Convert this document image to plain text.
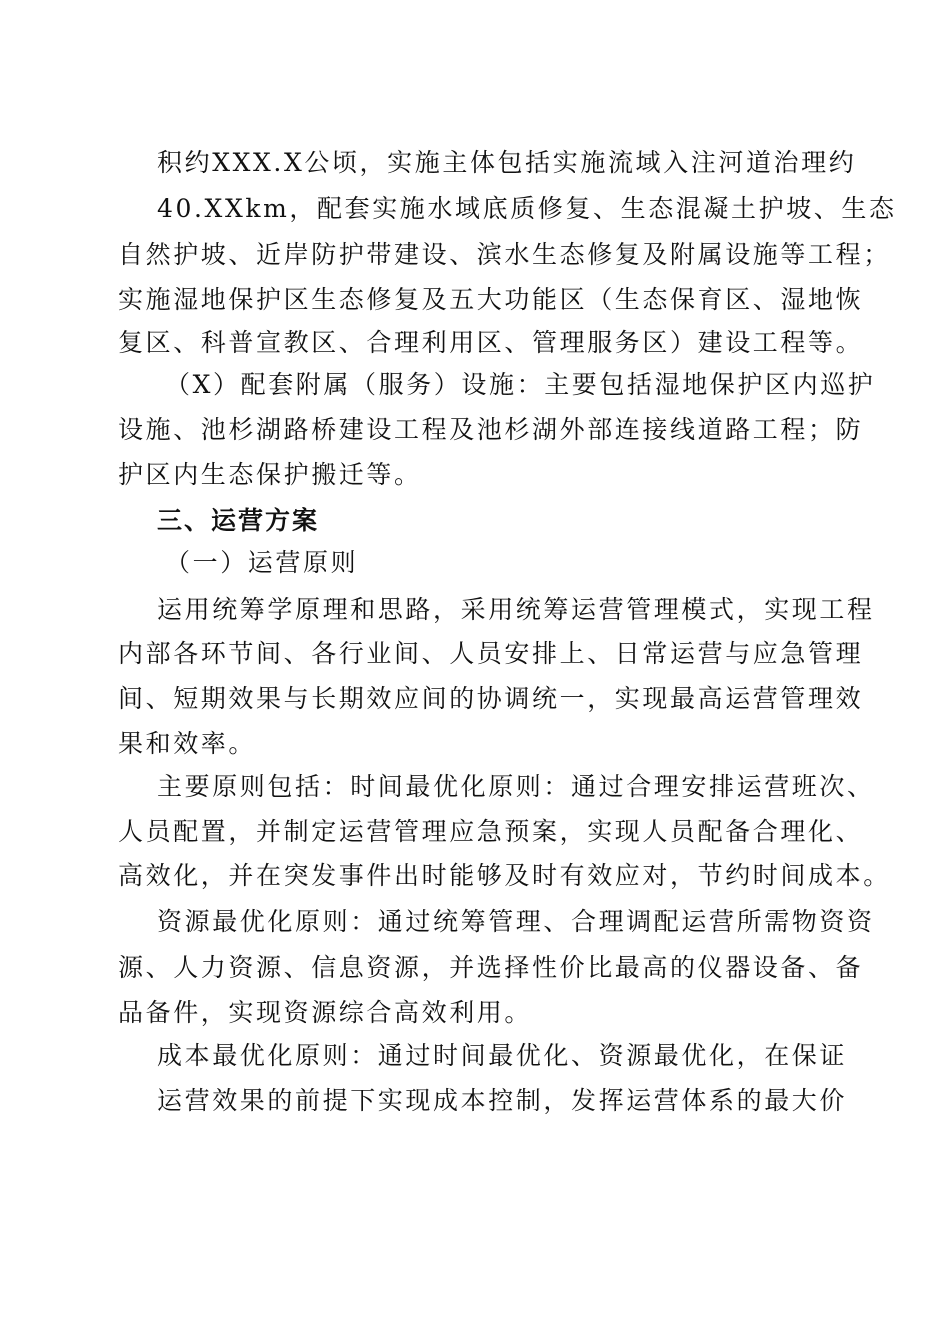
积约XXX.X公顷，实施主体包括实施流域入注河道治理约
40.XXkm，配套实施水域底质修复、生态混凝土护坡、生态
自然护坡、近岸防护带建设、滨水生态修复及附属设施等工程；
实施湿地保护区生态修复及五大功能区（生态保育区、湿地恢
复区、科普宣教区、合理利用区、管理服务区）建设工程等。
（X）配套附属（服务）设施：主要包括湿地保护区内巡护
设施、池杉湖路桥建设工程及池杉湖外部连接线道路工程；防
护区内生态保护搬迁等。
三、运营方案
（一）运营原则
运用统筹学原理和思路，采用统筹运营管理模式，实现工程
内部各环节间、各行业间、人员安排上、日常运营与应急管理
间、短期效果与长期效应间的协调统一，实现最高运营管理效
果和效率。
主要原则包括：时间最优化原则：通过合理安排运营班次、
人员配置，并制定运营管理应急预案，实现人员配备合理化、
高效化，并在突发事件出时能够及时有效应对，节约时间成本。
资源最优化原则：通过统筹管理、合理调配运营所需物资资
源、人力资源、信息资源，并选择性价比最高的仪器设备、备
品备件，实现资源综合高效利用。
成本最优化原则：通过时间最优化、资源最优化，在保证
运营效果的前提下实现成本控制，发挥运营体系的最大价
